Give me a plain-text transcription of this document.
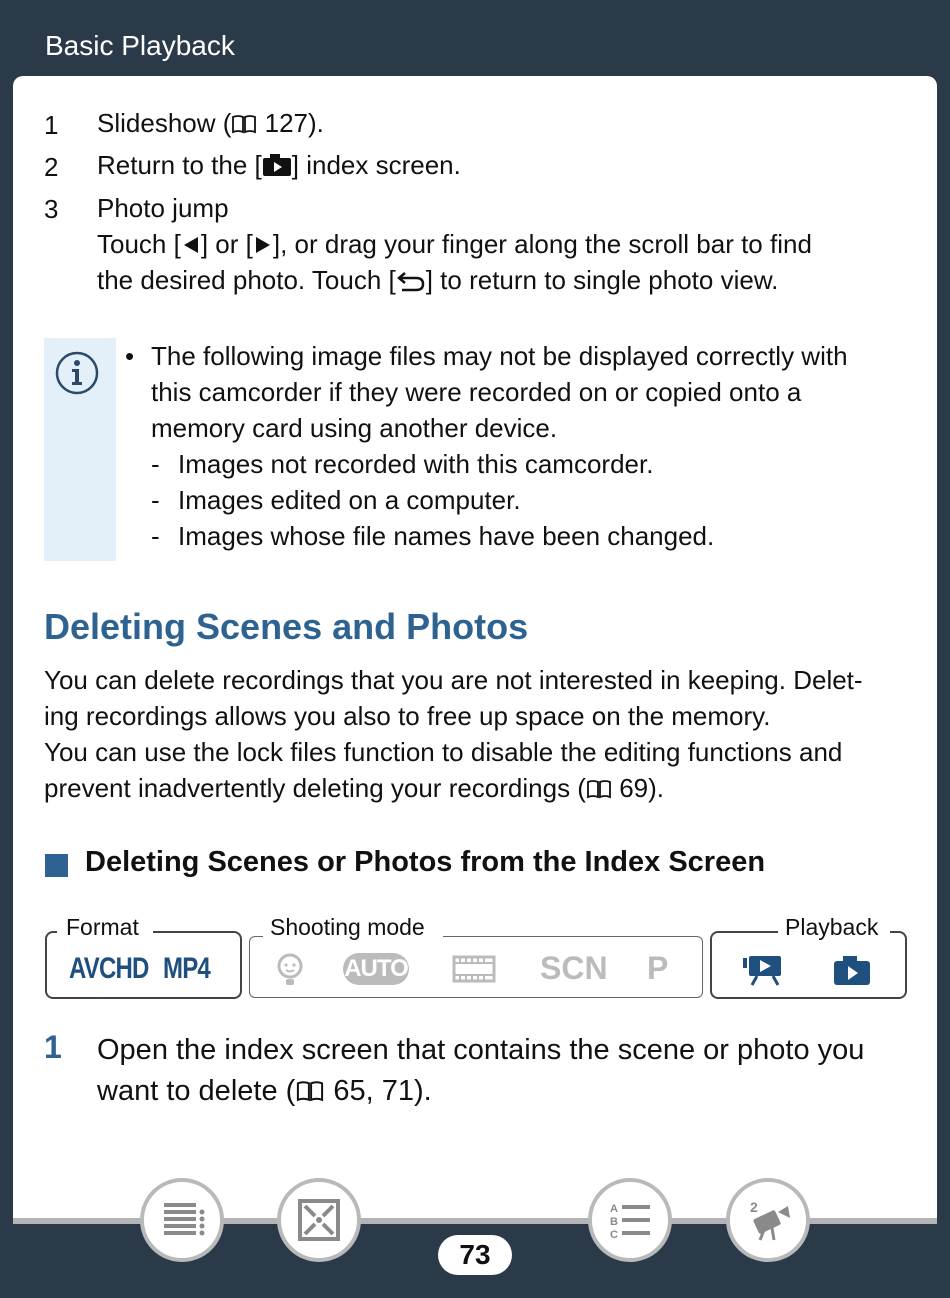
Basic Playback
1 Slideshow ( 127).
2 Return to the [ ] index screen.
3 Photo jump
Touch [ ] or [ ], or drag your finger along the scroll bar to find
the desired photo. Touch [ ] to return to single photo view.
• The following image files may not be displayed correctly with
this camcorder if they were recorded on or copied onto a
memory card using another device.
- Images not recorded with this camcorder.
- Images edited on a computer.
- Images whose file names have been changed.
Deleting Scenes and Photos
You can delete recordings that you are not interested in keeping. Delet-
ing recordings allows you also to free up space on the memory.
You can use the lock files function to disable the editing functions and
prevent inadvertently deleting your recordings ( 69).
Deleting Scenes or Photos from the Index Screen
Format	Shooting mode	Playback
AVCHD MP4	AUTO	SCN P
1 Open the index screen that contains the scene or photo you
want to delete ( 65, 71).
73
A
B
C
2
